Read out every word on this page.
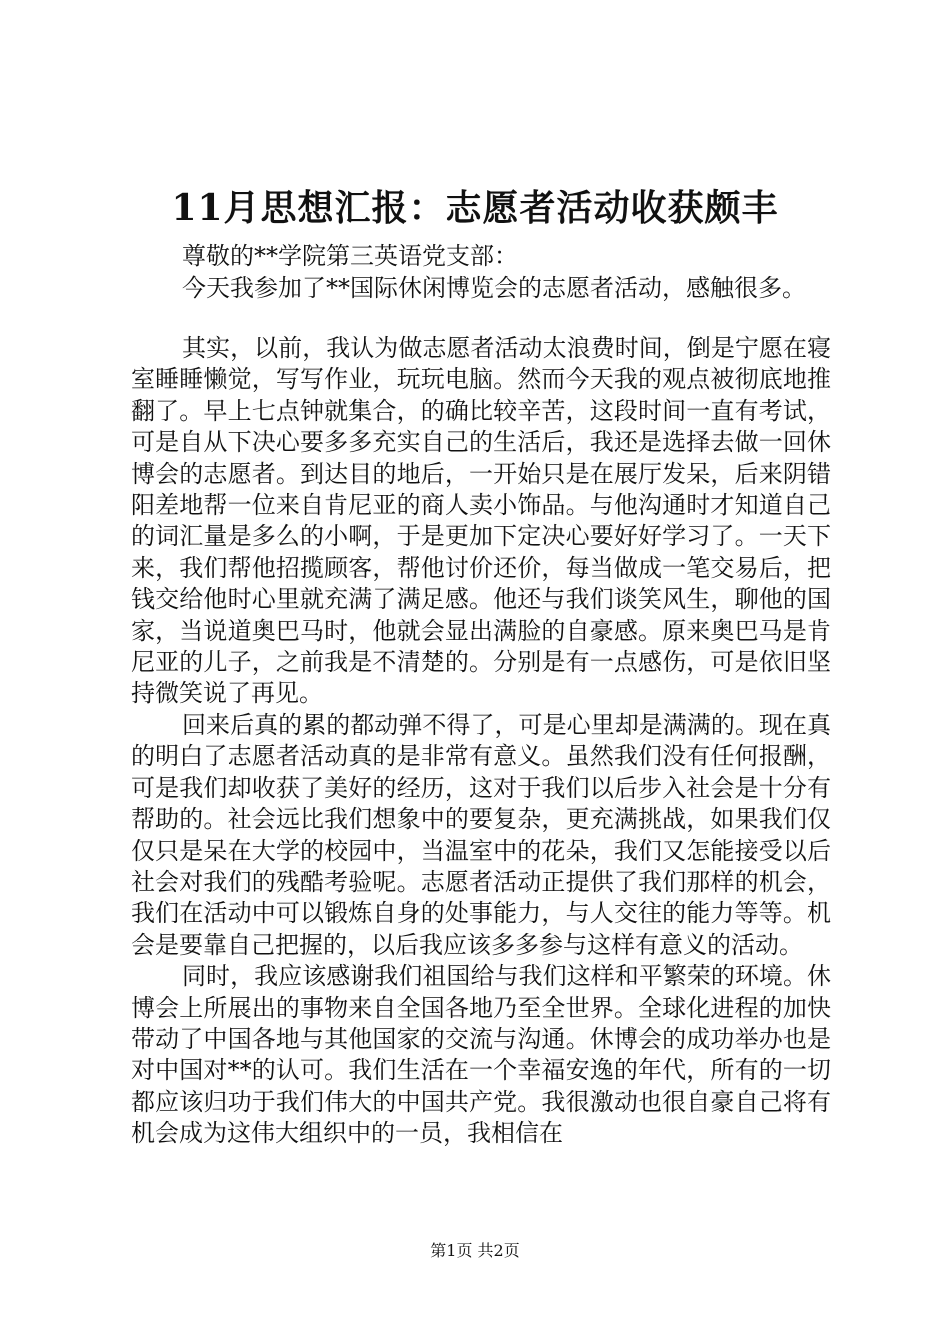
11月思想汇报：志愿者活动收获颇丰

尊敬的**学院第三英语党支部：

今天我参加了**国际休闲博览会的志愿者活动，感触很多。

其实，以前，我认为做志愿者活动太浪费时间，倒是宁愿在寝室睡睡懒觉，写写作业，玩玩电脑。然而今天我的观点被彻底地推翻了。早上七点钟就集合，的确比较辛苦，这段时间一直有考试，可是自从下决心要多多充实自己的生活后，我还是选择去做一回休博会的志愿者。到达目的地后，一开始只是在展厅发呆，后来阴错阳差地帮一位来自肯尼亚的商人卖小饰品。与他沟通时才知道自己的词汇量是多么的小啊，于是更加下定决心要好好学习了。一天下来，我们帮他招揽顾客，帮他讨价还价，每当做成一笔交易后，把钱交给他时心里就充满了满足感。他还与我们谈笑风生，聊他的国家，当说道奥巴马时，他就会显出满脸的自豪感。原来奥巴马是肯尼亚的儿子，之前我是不清楚的。分别是有一点感伤，可是依旧坚持微笑说了再见。

回来后真的累的都动弹不得了，可是心里却是满满的。现在真的明白了志愿者活动真的是非常有意义。虽然我们没有任何报酬，可是我们却收获了美好的经历，这对于我们以后步入社会是十分有帮助的。社会远比我们想象中的要复杂，更充满挑战，如果我们仅仅只是呆在大学的校园中，当温室中的花朵，我们又怎能接受以后社会对我们的残酷考验呢。志愿者活动正提供了我们那样的机会，我们在活动中可以锻炼自身的处事能力，与人交往的能力等等。机会是要靠自己把握的，以后我应该多多参与这样有意义的活动。

同时，我应该感谢我们祖国给与我们这样和平繁荣的环境。休博会上所展出的事物来自全国各地乃至全世界。全球化进程的加快带动了中国各地与其他国家的交流与沟通。休博会的成功举办也是对中国对**的认可。我们生活在一个幸福安逸的年代，所有的一切都应该归功于我们伟大的中国共产党。我很激动也很自豪自己将有机会成为这伟大组织中的一员，我相信在

第1页 共2页
